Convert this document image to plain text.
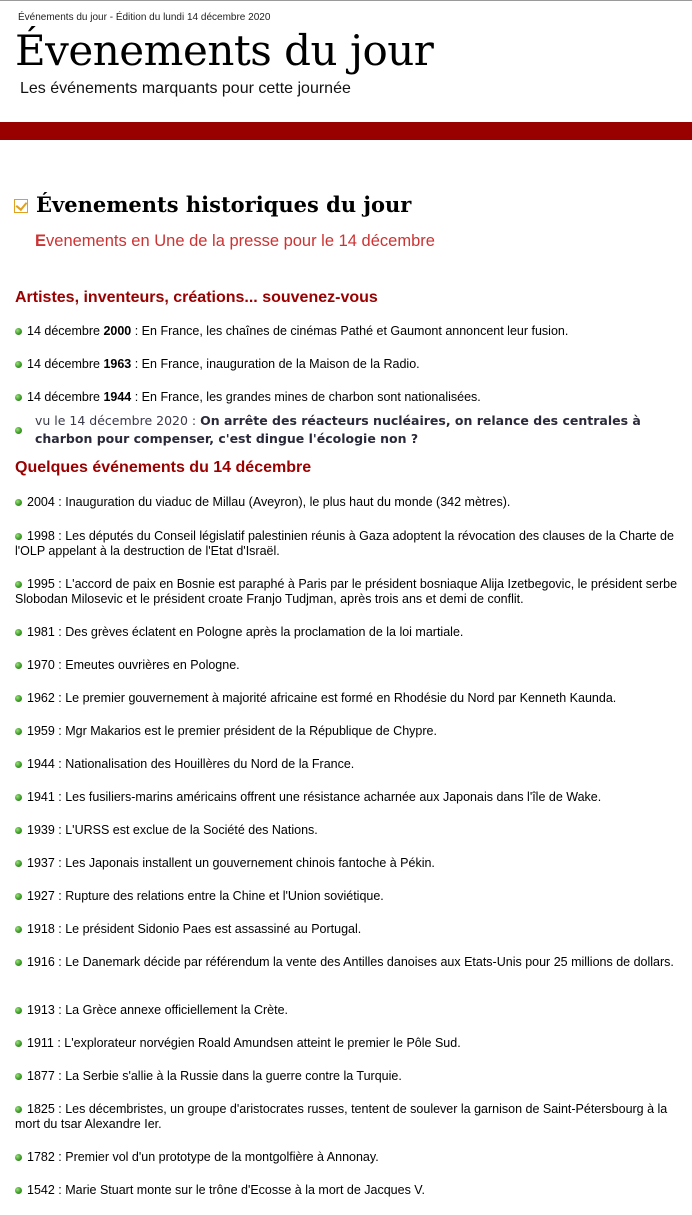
Événements du jour - Édition du lundi 14 décembre 2020
Évenements du jour
Les événements marquants pour cette journée
Évenements historiques du jour
Evenements en Une de la presse pour le 14 décembre
Artistes, inventeurs, créations... souvenez-vous
14 décembre 2000 : En France, les chaînes de cinémas Pathé et Gaumont annoncent leur fusion.
14 décembre 1963 : En France, inauguration de la Maison de la Radio.
14 décembre 1944 : En France, les grandes mines de charbon sont nationalisées.
vu le 14 décembre 2020 : On arrête des réacteurs nucléaires, on relance des centrales à charbon pour compenser, c'est dingue l'écologie non ?
Quelques événements du 14 décembre
2004 : Inauguration du viaduc de Millau (Aveyron), le plus haut du monde (342 mètres).
1998 : Les députés du Conseil législatif palestinien réunis à Gaza adoptent la révocation des clauses de la Charte de l'OLP appelant à la destruction de l'Etat d'Israël.
1995 : L'accord de paix en Bosnie est paraphé à Paris par le président bosniaque Alija Izetbegovic, le président serbe Slobodan Milosevic et le président croate Franjo Tudjman, après trois ans et demi de conflit.
1981 : Des grèves éclatent en Pologne après la proclamation de la loi martiale.
1970 : Emeutes ouvrières en Pologne.
1962 : Le premier gouvernement à majorité africaine est formé en Rhodésie du Nord par Kenneth Kaunda.
1959 : Mgr Makarios est le premier président de la République de Chypre.
1944 : Nationalisation des Houillères du Nord de la France.
1941 : Les fusiliers-marins américains offrent une résistance acharnée aux Japonais dans l'île de Wake.
1939 : L'URSS est exclue de la Société des Nations.
1937 : Les Japonais installent un gouvernement chinois fantoche à Pékin.
1927 : Rupture des relations entre la Chine et l'Union soviétique.
1918 : Le président Sidonio Paes est assassiné au Portugal.
1916 : Le Danemark décide par référendum la vente des Antilles danoises aux Etats-Unis pour 25 millions de dollars.
1913 : La Grèce annexe officiellement la Crète.
1911 : L'explorateur norvégien Roald Amundsen atteint le premier le Pôle Sud.
1877 : La Serbie s'allie à la Russie dans la guerre contre la Turquie.
1825 : Les décembristes, un groupe d'aristocrates russes, tentent de soulever la garnison de Saint-Pétersbourg à la mort du tsar Alexandre Ier.
1782 : Premier vol d'un prototype de la montgolfière à Annonay.
1542 : Marie Stuart monte sur le trône d'Ecosse à la mort de Jacques V.
